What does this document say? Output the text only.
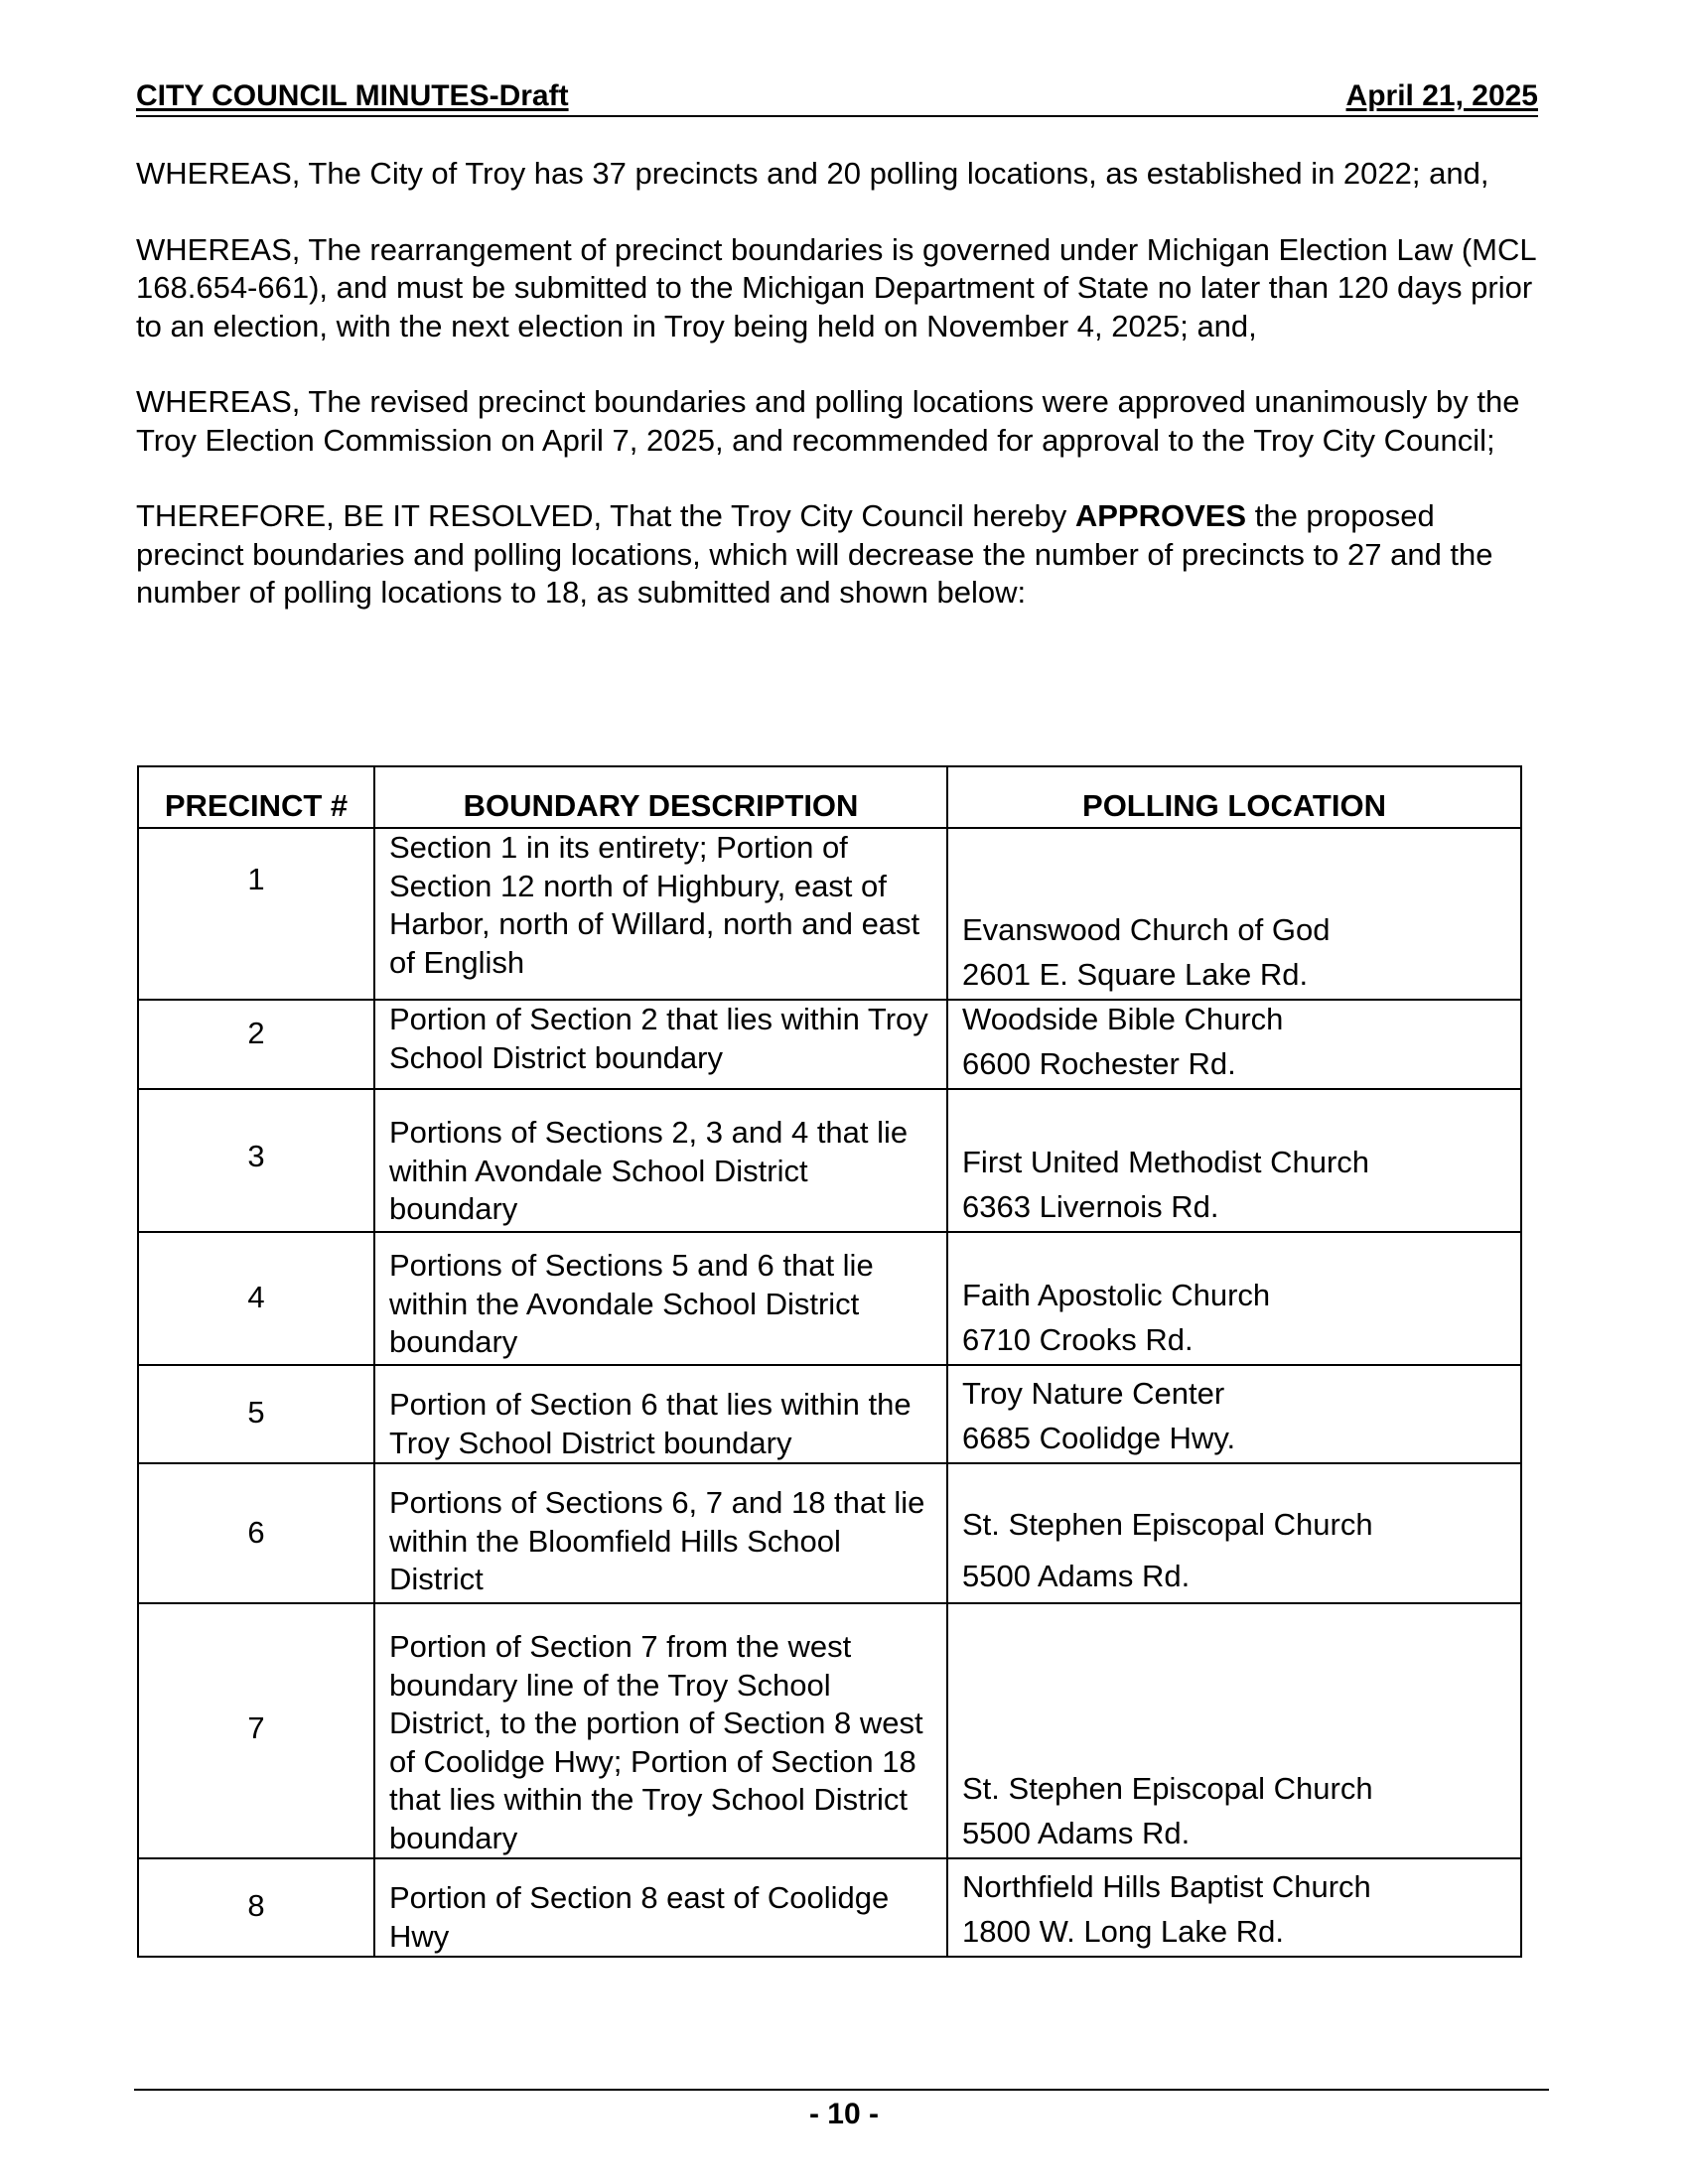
CITY COUNCIL MINUTES-Draft	April 21, 2025

WHEREAS, The City of Troy has 37 precincts and 20 polling locations, as established in 2022; and,

WHEREAS, The rearrangement of precinct boundaries is governed under Michigan Election Law (MCL 168.654-661), and must be submitted to the Michigan Department of State no later than 120 days prior to an election, with the next election in Troy being held on November 4, 2025; and,

WHEREAS, The revised precinct boundaries and polling locations were approved unanimously by the Troy Election Commission on April 7, 2025, and recommended for approval to the Troy City Council;

THEREFORE, BE IT RESOLVED, That the Troy City Council hereby APPROVES the proposed precinct boundaries and polling locations, which will decrease the number of precincts to 27 and the number of polling locations to 18, as submitted and shown below:

PRECINCT #	BOUNDARY DESCRIPTION	POLLING LOCATION

1	Section 1 in its entirety; Portion of Section 12 north of Highbury, east of Harbor, north of Willard, north and east of English	Evanswood Church of God
2601 E. Square Lake Rd.

2	Portion of Section 2 that lies within Troy School District boundary	Woodside Bible Church
6600 Rochester Rd.

3	Portions of Sections 2, 3 and 4 that lie within Avondale School District boundary	First United Methodist Church
6363 Livernois Rd.

4	Portions of Sections 5 and 6 that lie within the Avondale School District boundary	Faith Apostolic Church
6710 Crooks Rd.

5	Portion of Section 6 that lies within the Troy School District boundary	Troy Nature Center
6685 Coolidge Hwy.

6	Portions of Sections 6, 7 and 18 that lie within the Bloomfield Hills School District	St. Stephen Episcopal Church
5500 Adams Rd.

7	Portion of Section 7 from the west boundary line of the Troy School District, to the portion of Section 8 west of Coolidge Hwy; Portion of Section 18 that lies within the Troy School District boundary	St. Stephen Episcopal Church
5500 Adams Rd.

8	Portion of Section 8 east of Coolidge Hwy	Northfield Hills Baptist Church
1800 W. Long Lake Rd.
- 10 -
